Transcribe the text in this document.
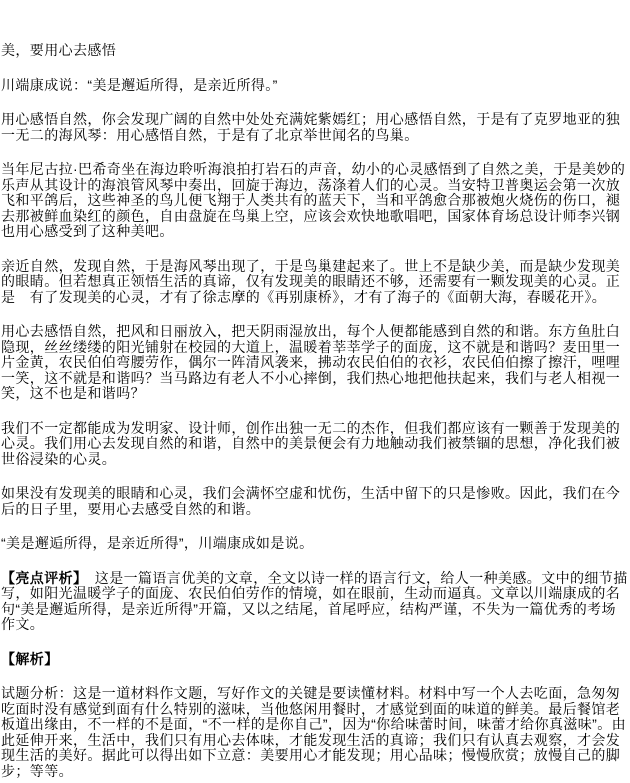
美，要用心去感悟

川端康成说：“美是邂逅所得，是亲近所得。”

用心感悟自然，你会发现广阔的自然中处处充满姹紫嫣红；用心感悟自然，于是有了克罗地亚的独一无二的海风琴：用心感悟自然，于是有了北京举世闻名的鸟巢。

当年尼古拉·巴希奇坐在海边聆听海浪拍打岩石的声音，幼小的心灵感悟到了自然之美，于是美妙的乐声从其设计的海浪管风琴中奏出，回旋于海边，荡涤着人们的心灵。当安特卫普奥运会第一次放飞和平鸽后，这些神圣的鸟儿便飞翔于人类共有的蓝天下，当和平鸽愈合那被炮火烧伤的伤口，褪去那被鲜血染红的颜色，自由盘旋在鸟巢上空，应该会欢快地歌唱吧，国家体育场总设计师李兴钢也用心感受到了这种美吧。

亲近自然，发现自然，于是海风琴出现了，于是鸟巢建起来了。世上不是缺少美，而是缺少发现美的眼睛。但若想真正领悟生活的真谛，仅有发现美的眼睛还不够，还需要有一颗发现美的心灵。正是　有了发现美的心灵，才有了徐志摩的《再别康桥》，才有了海子的《面朝大海，春暖花开》。

用心去感悟自然，把风和日丽放入，把天阴雨湿放出，每个人便都能感到自然的和谐。东方鱼肚白隐现，丝丝缕缕的阳光铺射在校园的大道上，温暖着莘莘学子的面庞，这不就是和谐吗？麦田里一片金黄，农民伯伯弯腰劳作，偶尔一阵清风袭来，拂动农民伯伯的衣衫，农民伯伯擦了擦汗，哩哩一笑，这不就是和谐吗？当马路边有老人不小心摔倒，我们热心地把他扶起来，我们与老人相视一笑，这不也是和谐吗？

我们不一定都能成为发明家、设计师，创作出独一无二的杰作，但我们都应该有一颗善于发现美的心灵。我们用心去发现自然的和谐，自然中的美景便会有力地触动我们被禁锢的思想，净化我们被世俗浸染的心灵。

如果没有发现美的眼睛和心灵，我们会满怀空虚和忧伤，生活中留下的只是惨败。因此，我们在今后的日子里，要用心去感受自然的和谐。

“美是邂逅所得，是亲近所得”，川端康成如是说。

【亮点评析】　这是一篇语言优美的文章，全文以诗一样的语言行文，给人一种美感。文中的细节描写，如阳光温暖学子的面庞、农民伯伯劳作的情境，如在眼前，生动而逼真。文章以川端康成的名句“美是邂逅所得，是亲近所得”开篇，又以之结尾，首尾呼应，结构严谨，不失为一篇优秀的考场作文。

【解析】

试题分析：这是一道材料作文题，写好作文的关键是要读懂材料。材料中写一个人去吃面，急匆匆吃面时没有感觉到面有什么特别的滋味，当他悠闲用餐时，才感觉到面的味道的鲜美。最后餐馆老板道出缘由，不一样的不是面，“不一样的是你自己”，因为“你给味蕾时间，味蕾才给你真滋味”。由此延伸开来，生活中，我们只有用心去体味，才能发现生活的真谛；我们只有认真去观察，才会发现生活的美好。据此可以得出如下立意：美要用心才能发现；用心品味；慢慢欣赏；放慢自己的脚步；等等。
